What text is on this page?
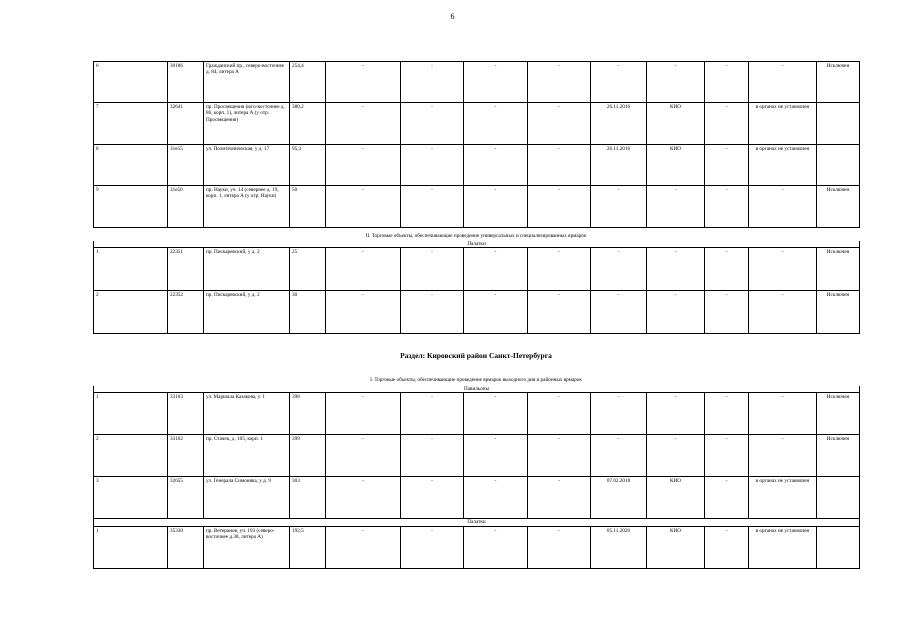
6
6	30186	Гражданский пр., северо-восточнее д. 84, литера А	254,4	-	-	-	-	-	-	-	-	Исключен
7	32641	пр. Просвещения (юго-восточнее д. 86, корп. 1), литера А (у отр. Просвещения)	380,2	-	-	-	-	26.11.2016	КИО	-	в органах не установлен	
8	31e55	ул. Политехническая, у д. 17	95,3	-	-	-	-	26.11.2016	КИО	-	в органах не установлен	
9	31e50	пр. Науки, уч. 14 (севернее д. 19, корп. 1, литера А (у отр. Науки)	50	-	-	-	-	-	-	-	-	Исключен
II. Торговые объекты, обеспечивающие проведение универсальных и специализированных ярмарок
Палатки												
1	22351	пр. Пискаревский, у д. 2	25	-	-	-	-	-	-	-	-	Исключен
2	22352	пр. Пискаревский, у д. 2	30	-	-	-	-	-	-	-	-	Исключен
Раздел: Кировский район Санкт-Петербурга
I. Торговые объекты, обеспечивающие проведение ярмарок выходного дня и районных ярмарок
Павильоны												
1	33103	ул. Маршала Казакова, у. 1	398	-	-	-	-	-	-	-	-	Исключен
2	33102	пр. Стачек, д. 105, корп. 1	399	-	-	-	-	-	-	-	-	Исключен
3	32655	ул. Генерала Симоняка, у д. 9	303	-	-	-	-	07.02.2018	КИО	-	в органах не установлен	
Палатки												
1	35330	пр. Ветеранов, уч. 193 (северо-восточнее д.38, литера А)	192,5	-	-	-	-	05.11.2020	КИО	-	в органах не установлен	
